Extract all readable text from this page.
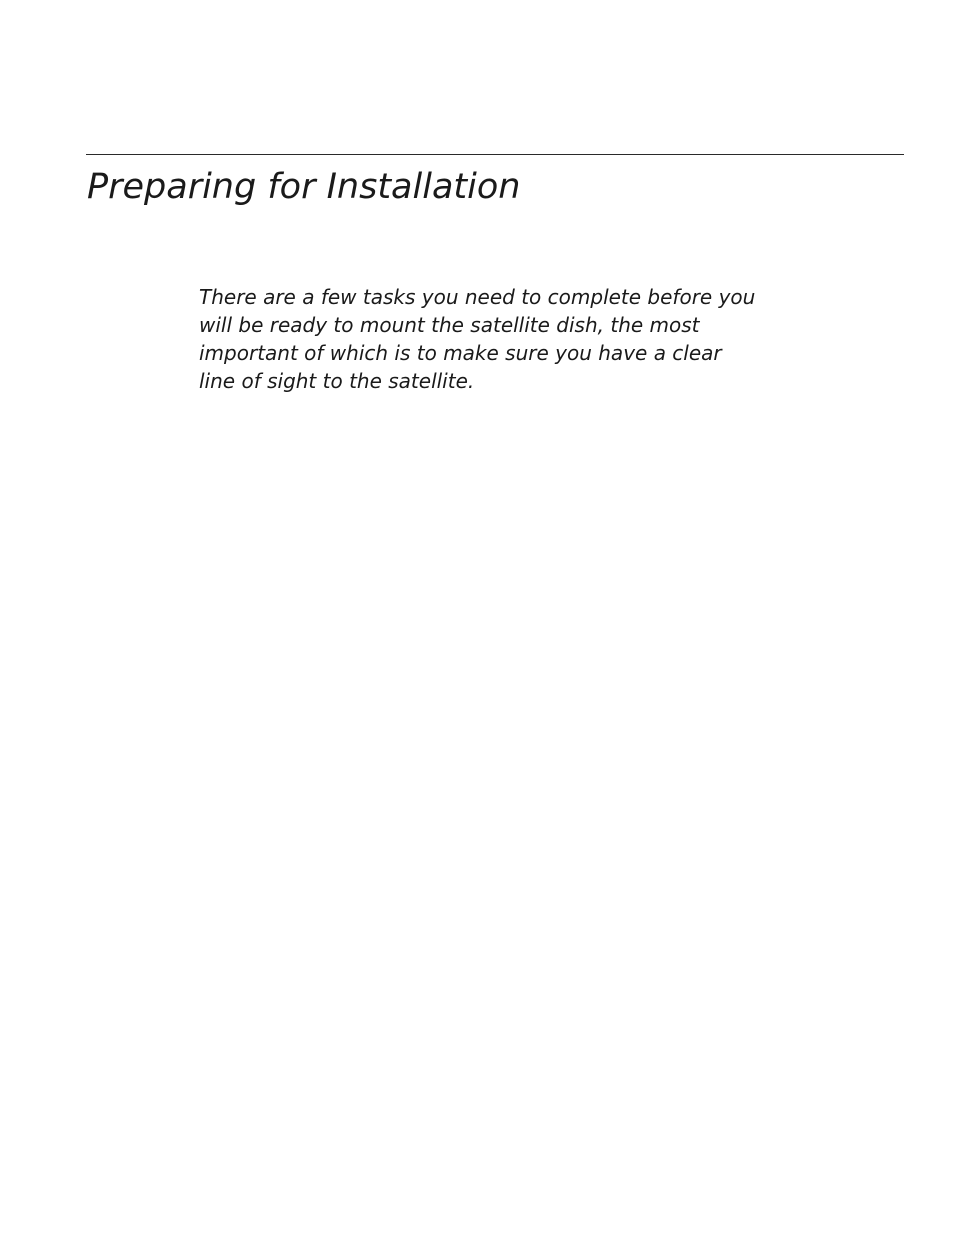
Preparing for Installation

There are a few tasks you need to complete before you
will be ready to mount the satellite dish, the most
important of which is to make sure you have a clear
line of sight to the satellite.
